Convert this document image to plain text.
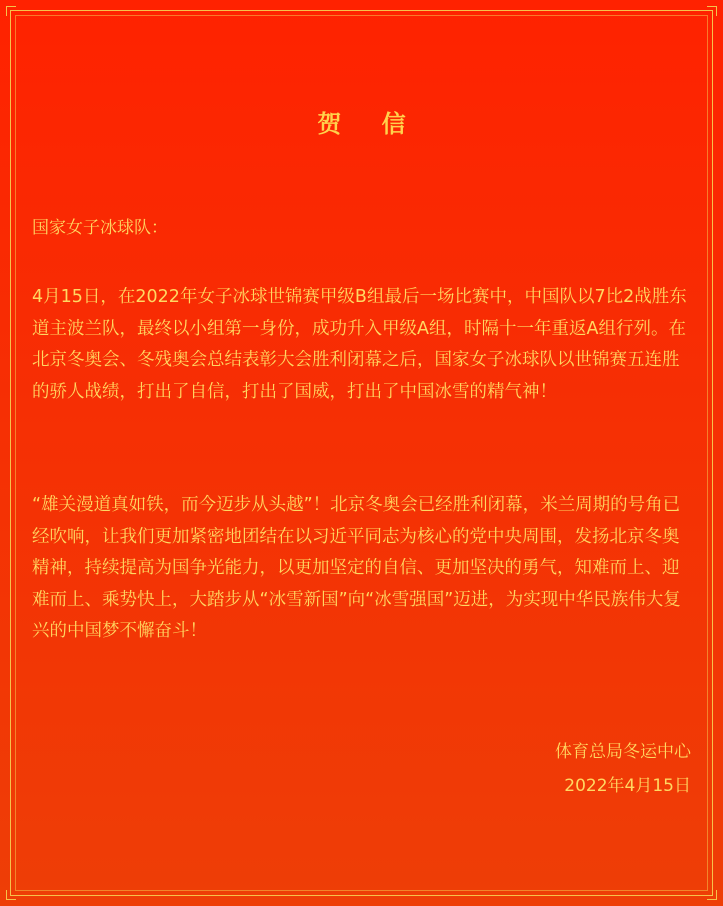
贺 信

国家女子冰球队：

4月15日，在2022年女子冰球世锦赛甲级B组最后一场比赛中，中国队以7比2战胜东道主波兰队，最终以小组第一身份，成功升入甲级A组，时隔十一年重返A组行列。在北京冬奥会、冬残奥会总结表彰大会胜利闭幕之后，国家女子冰球队以世锦赛五连胜的骄人战绩，打出了自信，打出了国威，打出了中国冰雪的精气神！

“雄关漫道真如铁，而今迈步从头越”！北京冬奥会已经胜利闭幕，米兰周期的号角已经吹响，让我们更加紧密地团结在以习近平同志为核心的党中央周围，发扬北京冬奥精神，持续提高为国争光能力，以更加坚定的自信、更加坚决的勇气，知难而上、迎难而上、乘势快上，大踏步从“冰雪新国”向“冰雪强国”迈进，为实现中华民族伟大复兴的中国梦不懈奋斗！

体育总局冬运中心

2022年4月15日
